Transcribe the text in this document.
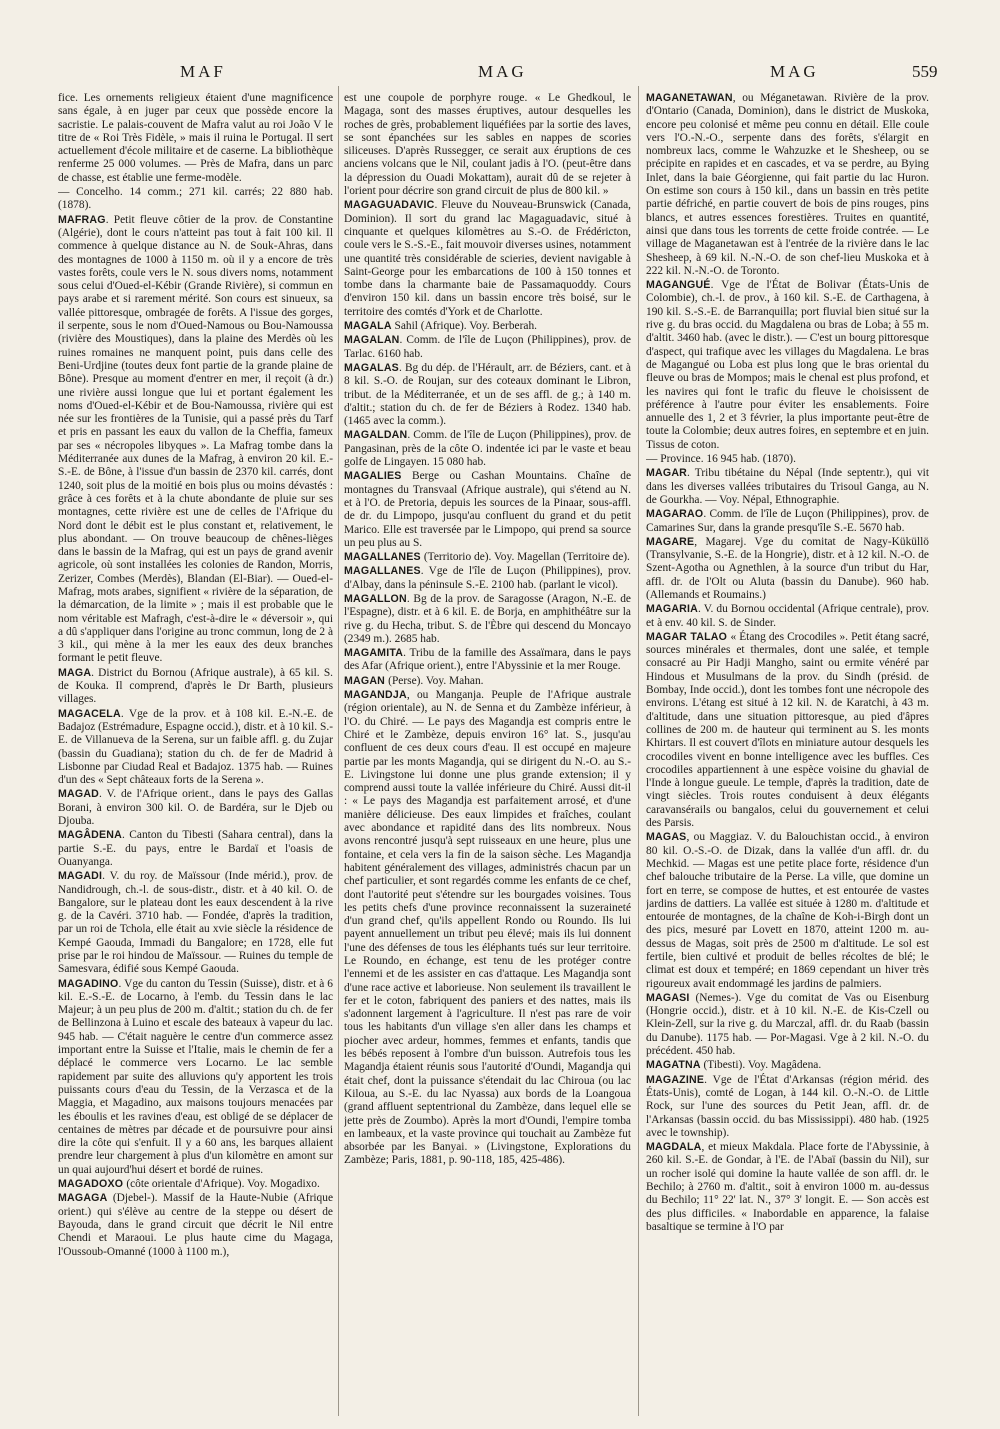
MAF	MAG	MAG	559

fice. Les ornements religieux étaient d'une magnificence sans égale, à en juger par ceux que possède encore la sacristie. Le palais-couvent de Mafra valut au roi João V le titre de « Roi Très Fidèle, » mais il ruina le Portugal. Il sert actuellement d'école militaire et de caserne. La bibliothèque renferme 25 000 volumes. — Près de Mafra, dans un parc de chasse, est établie une ferme-modèle.

— Concelho. 14 comm.; 271 kil. carrés; 22 880 hab. (1878).

MAFRAG. Petit fleuve côtier de la prov. de Constantine (Algérie), dont le cours n'atteint pas tout à fait 100 kil. Il commence à quelque distance au N. de Souk-Ahras, dans des montagnes de 1000 à 1150 m. où il y a encore de très vastes forêts, coule vers le N. sous divers noms, notamment sous celui d'Oued-el-Kébir (Grande Rivière), si commun en pays arabe et si rarement mérité. Son cours est sinueux, sa vallée pittoresque, ombragée de forêts. A l'issue des gorges, il serpente, sous le nom d'Oued-Namous ou Bou-Namoussa (rivière des Moustiques), dans la plaine des Merdès où les ruines romaines ne manquent point, puis dans celle des Beni-Urdjine (toutes deux font partie de la grande plaine de Bône). Presque au moment d'entrer en mer, il reçoit (à dr.) une rivière aussi longue que lui et portant également les noms d'Oued-el-Kébir et de Bou-Namoussa, rivière qui est née sur les frontières de la Tunisie, qui a passé près du Tarf et pris en passant les eaux du vallon de la Cheffia, fameux par ses « nécropoles libyques ». La Mafrag tombe dans la Méditerranée aux dunes de la Mafrag, à environ 20 kil. E.-S.-E. de Bône, à l'issue d'un bassin de 2370 kil. carrés, dont 1240, soit plus de la moitié en bois plus ou moins dévastés : grâce à ces forêts et à la chute abondante de pluie sur ses montagnes, cette rivière est une de celles de l'Afrique du Nord dont le débit est le plus constant et, relativement, le plus abondant. — On trouve beaucoup de chênes-lièges dans le bassin de la Mafrag, qui est un pays de grand avenir agricole, où sont installées les colonies de Randon, Morris, Zerizer, Combes (Merdès), Blandan (El-Biar). — Oued-el-Mafrag, mots arabes, signifient « rivière de la séparation, de la démarcation, de la limite » ; mais il est probable que le nom véritable est Mafragh, c'est-à-dire le « déversoir », qui a dû s'appliquer dans l'origine au tronc commun, long de 2 à 3 kil., qui mène à la mer les eaux des deux branches formant le petit fleuve.

MAGA. District du Bornou (Afrique australe), à 65 kil. S. de Kouka. Il comprend, d'après le Dr Barth, plusieurs villages.

MAGACELA. Vge de la prov. et à 108 kil. E.-N.-E. de Badajoz (Estrémadure, Espagne occid.), distr. et à 10 kil. S.-E. de Villanueva de la Serena, sur un faible affl. g. du Zujar (bassin du Guadiana); station du ch. de fer de Madrid à Lisbonne par Ciudad Real et Badajoz. 1375 hab. — Ruines d'un des « Sept châteaux forts de la Serena ».

MAGAD. V. de l'Afrique orient., dans le pays des Gallas Borani, à environ 300 kil. O. de Bardéra, sur le Djeb ou Djouba.

MAGÂDENA. Canton du Tibesti (Sahara central), dans la partie S.-E. du pays, entre le Bardaï et l'oasis de Ouanyanga.

MAGADI. V. du roy. de Maïssour (Inde mérid.), prov. de Nandidrough, ch.-l. de sous-distr., distr. et à 40 kil. O. de Bangalore, sur le plateau dont les eaux descendent à la rive g. de la Cavéri. 3710 hab. — Fondée, d'après la tradition, par un roi de Tchola, elle était au xvie siècle la résidence de Kempé Gaouda, Immadi du Bangalore; en 1728, elle fut prise par le roi hindou de Maïssour. — Ruines du temple de Samesvara, édifié sous Kempé Gaouda.

MAGADINO. Vge du canton du Tessin (Suisse), distr. et à 6 kil. E.-S.-E. de Locarno, à l'emb. du Tessin dans le lac Majeur; à un peu plus de 200 m. d'altit.; station du ch. de fer de Bellinzona à Luino et escale des bateaux à vapeur du lac. 945 hab. — C'était naguère le centre d'un commerce assez important entre la Suisse et l'Italie, mais le chemin de fer a déplacé le commerce vers Locarno. Le lac semble rapidement par suite des alluvions qu'y apportent les trois puissants cours d'eau du Tessin, de la Verzasca et de la Maggia, et Magadino, aux maisons toujours menacées par les éboulis et les ravines d'eau, est obligé de se déplacer de centaines de mètres par décade et de poursuivre pour ainsi dire la côte qui s'enfuit. Il y a 60 ans, les barques allaient prendre leur chargement à plus d'un kilomètre en amont sur un quai aujourd'hui désert et bordé de ruines.

MAGADOXO (côte orientale d'Afrique). Voy. Mogadixo.

MAGAGA (Djebel-). Massif de la Haute-Nubie (Afrique orient.) qui s'élève au centre de la steppe ou désert de Bayouda, dans le grand circuit que décrit le Nil entre Chendi et Maraoui. Le plus haute cime du Magaga, l'Oussoub-Omanné (1000 à 1100 m.),

est une coupole de porphyre rouge. « Le Ghedkoul, le Magaga, sont des masses éruptives, autour desquelles les roches de grès, probablement liquéfiées par la sortie des laves, se sont épanchées sur les sables en nappes de scories siliceuses. D'après Russegger, ce serait aux éruptions de ces anciens volcans que le Nil, coulant jadis à l'O. (peut-être dans la dépression du Ouadi Mokattam), aurait dû de se rejeter à l'orient pour décrire son grand circuit de plus de 800 kil. »

MAGAGUADAVIC. Fleuve du Nouveau-Brunswick (Canada, Dominion). Il sort du grand lac Magaguadavic, situé à cinquante et quelques kilomètres au S.-O. de Frédéricton, coule vers le S.-S.-E., fait mouvoir diverses usines, notamment une quantité très considérable de scieries, devient navigable à Saint-George pour les embarcations de 100 à 150 tonnes et tombe dans la charmante baie de Passamaquoddy. Cours d'environ 150 kil. dans un bassin encore très boisé, sur le territoire des comtés d'York et de Charlotte.

MAGALA Sahil (Afrique). Voy. Berberah.

MAGALAN. Comm. de l'île de Luçon (Philippines), prov. de Tarlac. 6160 hab.

MAGALAS. Bg du dép. de l'Hérault, arr. de Béziers, cant. et à 8 kil. S.-O. de Roujan, sur des coteaux dominant le Libron, tribut. de la Méditerranée, et un de ses affl. de g.; à 140 m. d'altit.; station du ch. de fer de Béziers à Rodez. 1340 hab. (1465 avec la comm.).

MAGALDAN. Comm. de l'île de Luçon (Philippines), prov. de Pangasinan, près de la côte O. indentée ici par le vaste et beau golfe de Lingayen. 15 080 hab.

MAGALIES Berge ou Cashan Mountains. Chaîne de montagnes du Transvaal (Afrique australe), qui s'étend au N. et à l'O. de Pretoria, depuis les sources de la Pinaar, sous-affl. de dr. du Limpopo, jusqu'au confluent du grand et du petit Marico. Elle est traversée par le Limpopo, qui prend sa source un peu plus au S.

MAGALLANES (Territorio de). Voy. Magellan (Territoire de).

MAGALLANES. Vge de l'île de Luçon (Philippines), prov. d'Albay, dans la péninsule S.-E. 2100 hab. (parlant le vicol).

MAGALLON. Bg de la prov. de Saragosse (Aragon, N.-E. de l'Espagne), distr. et à 6 kil. E. de Borja, en amphithéâtre sur la rive g. du Hecha, tribut. S. de l'Èbre qui descend du Moncayo (2349 m.). 2685 hab.

MAGAMITA. Tribu de la famille des Assaïmara, dans le pays des Afar (Afrique orient.), entre l'Abyssinie et la mer Rouge.

MAGAN (Perse). Voy. Mahan.

MAGANDJA, ou Manganja. Peuple de l'Afrique australe (région orientale), au N. de Senna et du Zambèze inférieur, à l'O. du Chiré. — Le pays des Magandja est compris entre le Chiré et le Zambèze, depuis environ 16° lat. S., jusqu'au confluent de ces deux cours d'eau. Il est occupé en majeure partie par les monts Magandja, qui se dirigent du N.-O. au S.-E. Livingstone lui donne une plus grande extension; il y comprend aussi toute la vallée inférieure du Chiré. Aussi dit-il : « Le pays des Magandja est parfaitement arrosé, et d'une manière délicieuse. Des eaux limpides et fraîches, coulant avec abondance et rapidité dans des lits nombreux. Nous avons rencontré jusqu'à sept ruisseaux en une heure, plus une fontaine, et cela vers la fin de la saison sèche. Les Magandja habitent généralement des villages, administrés chacun par un chef particulier, et sont regardés comme les enfants de ce chef, dont l'autorité peut s'étendre sur les bourgades voisines. Tous les petits chefs d'une province reconnaissent la suzeraineté d'un grand chef, qu'ils appellent Rondo ou Roundo. Ils lui payent annuellement un tribut peu élevé; mais ils lui donnent l'une des défenses de tous les éléphants tués sur leur territoire. Le Roundo, en échange, est tenu de les protéger contre l'ennemi et de les assister en cas d'attaque. Les Magandja sont d'une race active et laborieuse. Non seulement ils travaillent le fer et le coton, fabriquent des paniers et des nattes, mais ils s'adonnent largement à l'agriculture. Il n'est pas rare de voir tous les habitants d'un village s'en aller dans les champs et piocher avec ardeur, hommes, femmes et enfants, tandis que les bébés reposent à l'ombre d'un buisson. Autrefois tous les Magandja étaient réunis sous l'autorité d'Oundi, Magandja qui était chef, dont la puissance s'étendait du lac Chiroua (ou lac Kiloua, au S.-E. du lac Nyassa) aux bords de la Loangoua (grand affluent septentrional du Zambèze, dans lequel elle se jette près de Zoumbo). Après la mort d'Oundi, l'empire tomba en lambeaux, et la vaste province qui touchait au Zambèze fut absorbée par les Banyai. » (Livingstone, Explorations du Zambèze; Paris, 1881, p. 90-118, 185, 425-486).

MAGANETAWAN, ou Méganetawan. Rivière de la prov. d'Ontario (Canada, Dominion), dans le district de Muskoka, encore peu colonisé et même peu connu en détail. Elle coule vers l'O.-N.-O., serpente dans des forêts, s'élargit en nombreux lacs, comme le Wahzuzke et le Shesheep, ou se précipite en rapides et en cascades, et va se perdre, au Bying Inlet, dans la baie Géorgienne, qui fait partie du lac Huron. On estime son cours à 150 kil., dans un bassin en très petite partie défriché, en partie couvert de bois de pins rouges, pins blancs, et autres essences forestières. Truites en quantité, ainsi que dans tous les torrents de cette froide contrée. — Le village de Maganetawan est à l'entrée de la rivière dans le lac Shesheep, à 69 kil. N.-N.-O. de son chef-lieu Muskoka et à 222 kil. N.-N.-O. de Toronto.

MAGANGUÉ. Vge de l'État de Bolivar (États-Unis de Colombie), ch.-l. de prov., à 160 kil. S.-E. de Carthagena, à 190 kil. S.-S.-E. de Barranquilla; port fluvial bien situé sur la rive g. du bras occid. du Magdalena ou bras de Loba; à 55 m. d'altit. 3460 hab. (avec le distr.). — C'est un bourg pittoresque d'aspect, qui trafique avec les villages du Magdalena. Le bras de Magangué ou Loba est plus long que le bras oriental du fleuve ou bras de Mompos; mais le chenal est plus profond, et les navires qui font le trafic du fleuve le choisissent de préférence à l'autre pour éviter les ensablements. Foire annuelle des 1, 2 et 3 février, la plus importante peut-être de toute la Colombie; deux autres foires, en septembre et en juin. Tissus de coton.

— Province. 16 945 hab. (1870).

MAGAR. Tribu tibétaine du Népal (Inde septentr.), qui vit dans les diverses vallées tributaires du Trisoul Ganga, au N. de Gourkha. — Voy. Népal, Ethnographie.

MAGARAO. Comm. de l'île de Luçon (Philippines), prov. de Camarines Sur, dans la grande presqu'île S.-E. 5670 hab.

MAGARE, Magarej. Vge du comitat de Nagy-Küküllö (Transylvanie, S.-E. de la Hongrie), distr. et à 12 kil. N.-O. de Szent-Agotha ou Agnethlen, à la source d'un tribut du Har, affl. dr. de l'Olt ou Aluta (bassin du Danube). 960 hab. (Allemands et Roumains.)

MAGARIA. V. du Bornou occidental (Afrique centrale), prov. et à env. 40 kil. S. de Sinder.

MAGAR TALAO « Étang des Crocodiles ». Petit étang sacré, sources minérales et thermales, dont une salée, et temple consacré au Pir Hadji Mangho, saint ou ermite vénéré par Hindous et Musulmans de la prov. du Sindh (présid. de Bombay, Inde occid.), dont les tombes font une nécropole des environs. L'étang est situé à 12 kil. N. de Karatchi, à 43 m. d'altitude, dans une situation pittoresque, au pied d'âpres collines de 200 m. de hauteur qui terminent au S. les monts Khirtars. Il est couvert d'îlots en miniature autour desquels les crocodiles vivent en bonne intelligence avec les buffles. Ces crocodiles appartiennent à une espèce voisine du ghavial de l'Inde à longue gueule. Le temple, d'après la tradition, date de vingt siècles. Trois routes conduisent à deux élégants caravansérails ou bangalos, celui du gouvernement et celui des Parsis.

MAGAS, ou Maggiaz. V. du Balouchistan occid., à environ 80 kil. O.-S.-O. de Dizak, dans la vallée d'un affl. dr. du Mechkid. — Magas est une petite place forte, résidence d'un chef balouche tributaire de la Perse. La ville, que domine un fort en terre, se compose de huttes, et est entourée de vastes jardins de dattiers. La vallée est située à 1280 m. d'altitude et entourée de montagnes, de la chaîne de Koh-i-Birgh dont un des pics, mesuré par Lovett en 1870, atteint 1200 m. au-dessus de Magas, soit près de 2500 m d'altitude. Le sol est fertile, bien cultivé et produit de belles récoltes de blé; le climat est doux et tempéré; en 1869 cependant un hiver très rigoureux avait endommagé les jardins de palmiers.

MAGASI (Nemes-). Vge du comitat de Vas ou Eisenburg (Hongrie occid.), distr. et à 10 kil. N.-E. de Kis-Czell ou Klein-Zell, sur la rive g. du Marczal, affl. dr. du Raab (bassin du Danube). 1175 hab. — Por-Magasi. Vge à 2 kil. N.-O. du précédent. 450 hab.

MAGATNA (Tibesti). Voy. Magâdena.

MAGAZINE. Vge de l'État d'Arkansas (région mérid. des États-Unis), comté de Logan, à 144 kil. O.-N.-O. de Little Rock, sur l'une des sources du Petit Jean, affl. dr. de l'Arkansas (bassin occid. du bas Mississippi). 480 hab. (1925 avec le township).

MAGDALA, et mieux Makdala. Place forte de l'Abyssinie, à 260 kil. S.-E. de Gondar, à l'E. de l'Abaï (bassin du Nil), sur un rocher isolé qui domine la haute vallée de son affl. dr. le Bechilo; à 2760 m. d'altit., soit à environ 1000 m. au-dessus du Bechilo; 11° 22' lat. N., 37° 3' longit. E. — Son accès est des plus difficiles. « Inabordable en apparence, la falaise basaltique se termine à l'O par
